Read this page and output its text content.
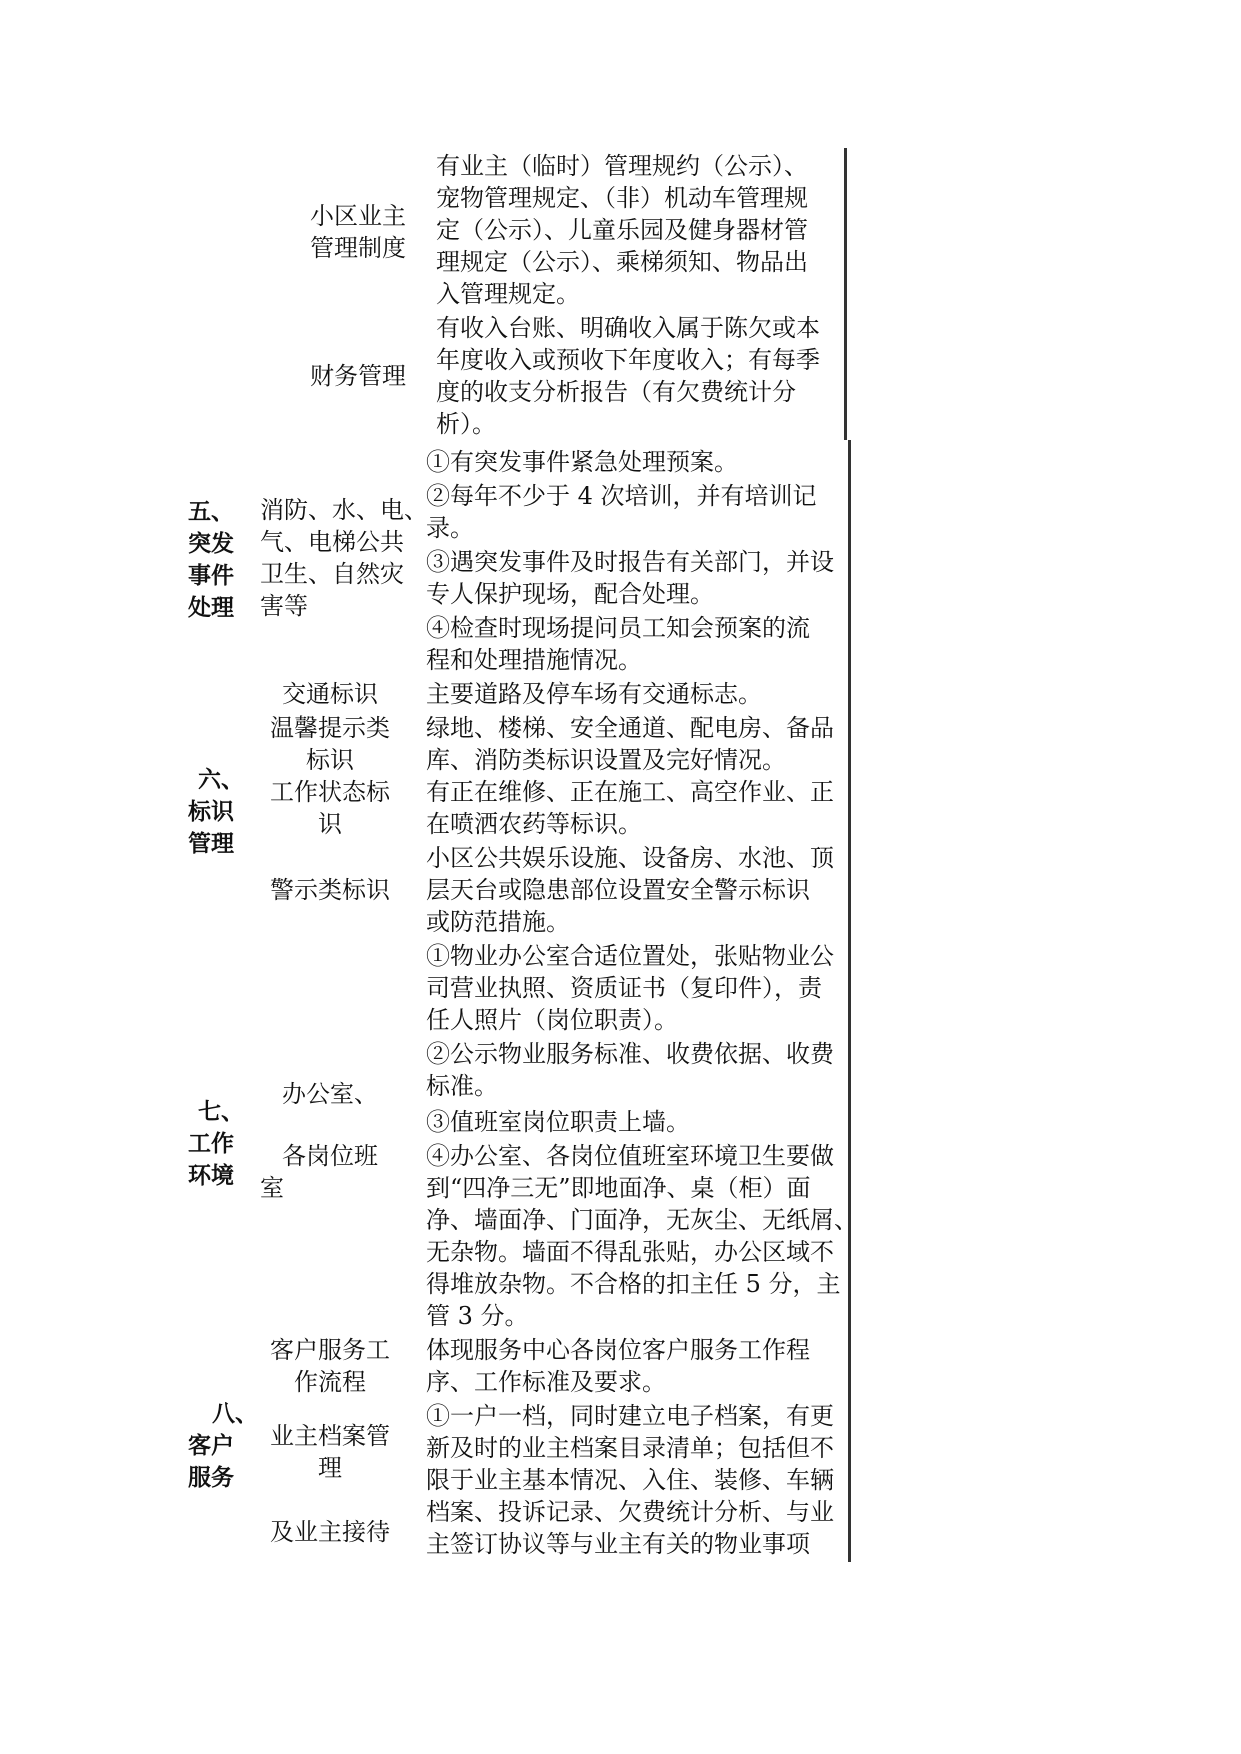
小区业主
管理制度
有业主（临时）管理规约（公示）、
宠物管理规定、（非）机动车管理规
定（公示）、儿童乐园及健身器材管
理规定（公示）、乘梯须知、物品出
入管理规定。
财务管理
有收入台账、明确收入属于陈欠或本
年度收入或预收下年度收入；有每季
度的收支分析报告（有欠费统计分
析）。
五、
突发
事件
处理
消防、水、电、
气、电梯公共
卫生、自然灾
害等
①有突发事件紧急处理预案。
②每年不少于 4 次培训，并有培训记
录。
③遇突发事件及时报告有关部门，并设
专人保护现场，配合处理。
④检查时现场提问员工知会预案的流
程和处理措施情况。
六、
标识
管理
交通标识 主要道路及停车场有交通标志。
温馨提示类
标识
绿地、楼梯、安全通道、配电房、备品
库、消防类标识设置及完好情况。
工作状态标
识
有正在维修、正在施工、高空作业、正
在喷洒农药等标识。
警示类标识
小区公共娱乐设施、设备房、水池、顶
层天台或隐患部位设置安全警示标识
或防范措施。
七、
工作
环境
办公室、
各岗位班
室
①物业办公室合适位置处，张贴物业公
司营业执照、资质证书（复印件），责
任人照片（岗位职责）。
②公示物业服务标准、收费依据、收费
标准。
③值班室岗位职责上墙。
④办公室、各岗位值班室环境卫生要做
到“四净三无”即地面净、桌（柜）面
净、墙面净、门面净，无灰尘、无纸屑、
无杂物。墙面不得乱张贴，办公区域不
得堆放杂物。不合格的扣主任 5 分，主
管 3 分。
八、
客户
服务
客户服务工
作流程
体现服务中心各岗位客户服务工作程
序、工作标准及要求。
业主档案管
理
及业主接待
①一户一档，同时建立电子档案，有更
新及时的业主档案目录清单；包括但不
限于业主基本情况、入住、装修、车辆
档案、投诉记录、欠费统计分析、与业
主签订协议等与业主有关的物业事项
